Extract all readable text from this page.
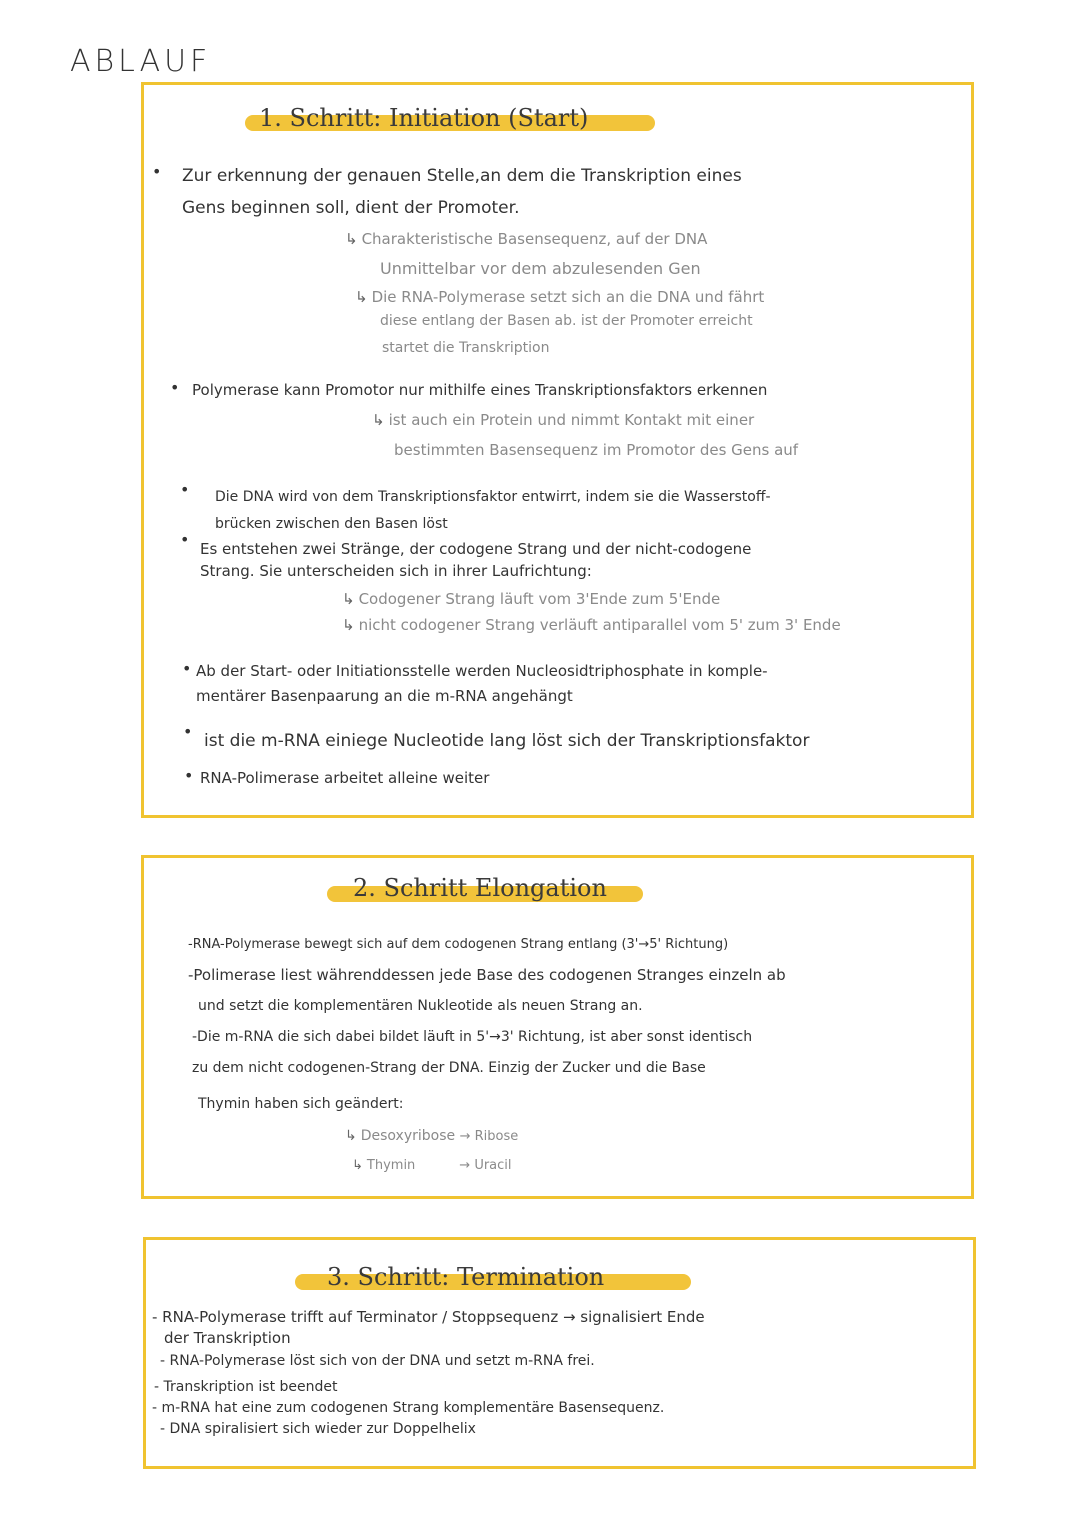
ABLAUF
1. Schritt: Initiation (Start)
• Zur erkennung der genauen Stelle,an dem die Transkription eines
Gens beginnen soll, dient der Promoter.
↳ Charakteristische Basensequenz, auf der DNA
Unmittelbar vor dem abzulesenden Gen
↳ Die RNA-Polymerase setzt sich an die DNA und fährt
diese entlang der Basen ab. ist der Promoter erreicht
startet die Transkription
• Polymerase kann Promotor nur mithilfe eines Transkriptionsfaktors erkennen
↳ ist auch ein Protein und nimmt Kontakt mit einer
bestimmten Basensequenz im Promotor des Gens auf
• Die DNA wird von dem Transkriptionsfaktor entwirrt, indem sie die Wasserstoff-
brücken zwischen den Basen löst
• Es entstehen zwei Stränge, der codogene Strang und der nicht-codogene
Strang. Sie unterscheiden sich in ihrer Laufrichtung:
↳ Codogener Strang läuft vom 3'Ende zum 5'Ende
↳ nicht codogener Strang verläuft antiparallel vom 5' zum 3' Ende
• Ab der Start- oder Initiationsstelle werden Nucleosidtriphosphate in komple-
mentärer Basenpaarung an die m-RNA angehängt
• ist die m-RNA einiege Nucleotide lang löst sich der Transkriptionsfaktor
• RNA-Polimerase arbeitet alleine weiter
2. Schritt Elongation
-RNA-Polymerase bewegt sich auf dem codogenen Strang entlang (3'→5' Richtung)
-Polimerase liest währenddessen jede Base des codogenen Stranges einzeln ab
und setzt die komplementären Nukleotide als neuen Strang an.
-Die m-RNA die sich dabei bildet läuft in 5'→3' Richtung, ist aber sonst identisch
zu dem nicht codogenen-Strang der DNA. Einzig der Zucker und die Base
Thymin haben sich geändert:
↳ Desoxyribose → Ribose
↳ Thymin	→ Uracil
3. Schritt: Termination
- RNA-Polymerase trifft auf Terminator / Stoppsequenz → signalisiert Ende
der Transkription
- RNA-Polymerase löst sich von der DNA und setzt m-RNA frei.
- Transkription ist beendet
- m-RNA hat eine zum codogenen Strang komplementäre Basensequenz.
- DNA spiralisiert sich wieder zur Doppelhelix
